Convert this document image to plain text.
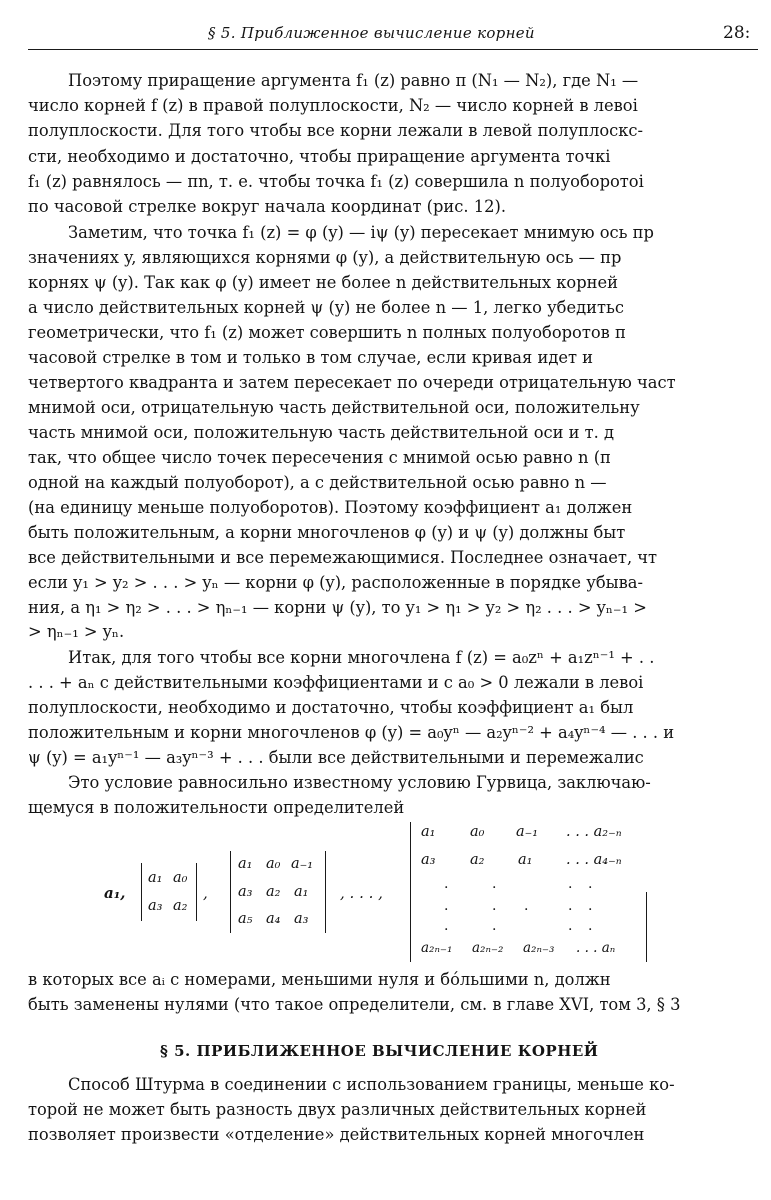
§ 5. Приближенное вычисление корней	28:
Поэтому приращение аргумента f₁ (z) равно π (N₁ — N₂), где N₁ —
число корней f (z) в правой полуплоскости, N₂ — число корней в левоі
полуплоскости. Для того чтобы все корни лежали в левой полуплоскс-
сти, необходимо и достаточно, чтобы приращение аргумента точкі
f₁ (z) равнялось — πn, т. е. чтобы точка f₁ (z) совершила n полуоборотоі
по часовой стрелке вокруг начала координат (рис. 12).
Заметим, что точка f₁ (z) = φ (y) — iψ (y) пересекает мнимую ось пр
значениях y, являющихся корнями φ (y), а действительную ось — пр
корнях ψ (y). Так как φ (y) имеет не более n действительных корней
а число действительных корней ψ (y) не более n — 1, легко убедитьс
геометрически, что f₁ (z) может совершить n полных полуоборотов п
часовой стрелке в том и только в том случае, если кривая идет и
четвертого квадранта и затем пересекает по очереди отрицательную част
мнимой оси, отрицательную часть действительной оси, положительну
часть мнимой оси, положительную часть действительной оси и т. д
так, что общее число точек пересечения с мнимой осью равно n (п
одной на каждый полуоборот), а с действительной осью равно n —
(на единицу меньше полуоборотов). Поэтому коэффициент a₁ должен
быть положительным, а корни многочленов φ (y) и ψ (y) должны быт
все действительными и все перемежающимися. Последнее означает, чт
если y₁ > y₂ > . . . > yₙ — корни φ (y), расположенные в порядке убыва-
ния, а η₁ > η₂ > . . . > ηₙ₋₁ — корни ψ (y), то y₁ > η₁ > y₂ > η₂ . . . > yₙ₋₁ >
> ηₙ₋₁ > yₙ.
Итак, для того чтобы все корни многочлена f (z) = a₀zⁿ + a₁zⁿ⁻¹ + . .
. . . + aₙ с действительными коэффициентами и с a₀ > 0 лежали в левоі
полуплоскости, необходимо и достаточно, чтобы коэффициент a₁ был
положительным и корни многочленов φ (y) = a₀yⁿ — a₂yⁿ⁻² + a₄yⁿ⁻⁴ — . . . и
ψ (y) = a₁yⁿ⁻¹ — a₃yⁿ⁻³ + . . . были все действительными и перемежалис
Это условие равносильно известному условию Гурвица, заключаю-
щемуся в положительности определителей
a₁,
a₁ a₀
a₃ a₂
,
a₁ a₀ a₋₁
a₃ a₂ a₁
a₅ a₄ a₃
, . . . ,
a₁ a₀ a₋₁ . . . a₂₋ₙ
a₃ a₂ a₁ . . . a₄₋ₙ
.	.	. .
.	. .	. .
.	.	. .
a₂ₙ₋₁ a₂ₙ₋₂ a₂ₙ₋₃ . . . aₙ
в которых все aᵢ с номерами, меньшими нуля и бóльшими n, должн
быть заменены нулями (что такое определители, см. в главе XVI, том 3, § 3
§ 5. ПРИБЛИЖЕННОЕ ВЫЧИСЛЕНИЕ КОРНЕЙ
Способ Штурма в соединении с использованием границы, меньше ко-
торой не может быть разность двух различных действительных корней
позволяет произвести «отделение» действительных корней многочлен
